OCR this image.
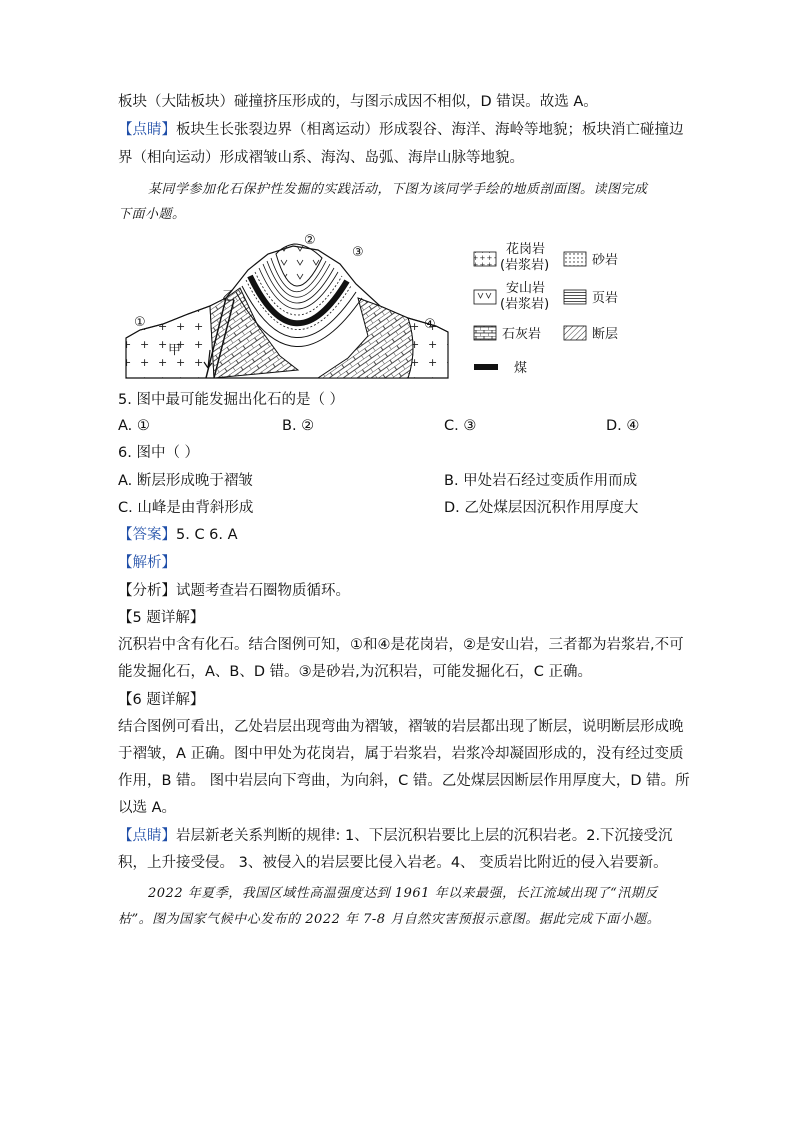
板块（大陆板块）碰撞挤压形成的，与图示成因不相似，D 错误。故选 A。
【点睛】板块生长张裂边界（相离运动）形成裂谷、海洋、海岭等地貌；板块消亡碰撞边
界（相向运动）形成褶皱山系、海沟、岛弧、海岸山脉等地貌。
某同学参加化石保护性发掘的实践活动，下图为该同学手绘的地质剖面图。读图完成
下面小题。
①
②
③
④
甲
乙
花岗岩
(岩浆岩)	砂岩
安山岩
(岩浆岩)	页岩
石灰岩	断层
煤
5. 图中最可能发掘出化石的是（ ）
A. ①	B. ②	C. ③	D. ④
6. 图中（ ）
A. 断层形成晚于褶皱	B. 甲处岩石经过变质作用而成
C. 山峰是由背斜形成	D. 乙处煤层因沉积作用厚度大
【答案】5. C 6. A
【解析】
【分析】试题考查岩石圈物质循环。
【5 题详解】
沉积岩中含有化石。结合图例可知，①和④是花岗岩，②是安山岩，三者都为岩浆岩,不可
能发掘化石，A、B、D 错。③是砂岩,为沉积岩，可能发掘化石，C 正确。
【6 题详解】
结合图例可看出，乙处岩层出现弯曲为褶皱，褶皱的岩层都出现了断层，说明断层形成晚
于褶皱，A 正确。图中甲处为花岗岩，属于岩浆岩，岩浆冷却凝固形成的，没有经过变质
作用，B 错。 图中岩层向下弯曲，为向斜，C 错。乙处煤层因断层作用厚度大，D 错。所
以选 A。
【点睛】岩层新老关系判断的规律: 1、下层沉积岩要比上层的沉积岩老。2.下沉接受沉
积，上升接受侵。 3、被侵入的岩层要比侵入岩老。4、 变质岩比附近的侵入岩要新。
2022 年夏季，我国区域性高温强度达到 1961 年以来最强，长江流域出现了“汛期反
枯”。图为国家气候中心发布的 2022 年 7-8 月自然灾害预报示意图。据此完成下面小题。
